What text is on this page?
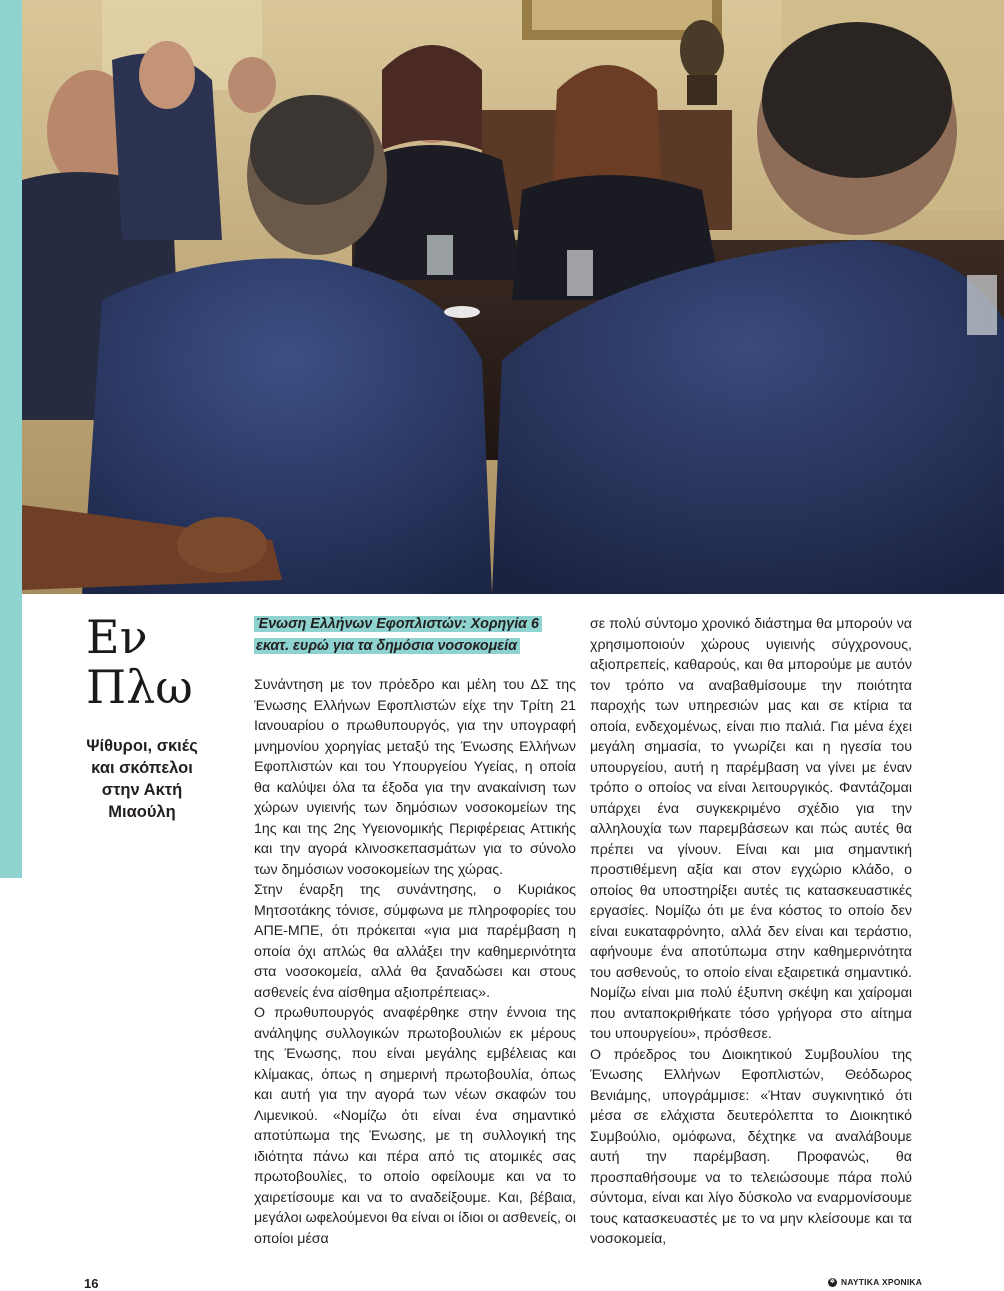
Εν
Πλω
Ψίθυροι, σκιές και σκόπελοι στην Ακτή Μιαούλη
Ένωση Ελλήνων Εφοπλιστών: Χορηγία 6 εκατ. ευρώ για τα δημόσια νοσοκομεία

Συνάντηση με τον πρόεδρο και μέλη του ΔΣ της Ένωσης Ελλήνων Εφοπλιστών είχε την Τρίτη 21 Ιανουαρίου ο πρωθυπουργός, για την υπογραφή μνημονίου χορηγίας μεταξύ της Ένωσης Ελλήνων Εφοπλιστών και του Υπουργείου Υγείας, η οποία θα καλύψει όλα τα έξοδα για την ανακαίνιση των χώρων υγιεινής των δημόσιων νοσοκομείων της 1ης και της 2ης Υγειονομικής Περιφέρειας Αττικής και την αγορά κλινοσκεπασμάτων για το σύνολο των δημόσιων νοσοκομείων της χώρας.

Στην έναρξη της συνάντησης, ο Κυριάκος Μητσοτάκης τόνισε, σύμφωνα με πληροφορίες του ΑΠΕ-ΜΠΕ, ότι πρόκειται «για μια παρέμβαση η οποία όχι απλώς θα αλλάξει την καθημερινότητα στα νοσοκομεία, αλλά θα ξαναδώσει και στους ασθενείς ένα αίσθημα αξιοπρέπειας».

Ο πρωθυπουργός αναφέρθηκε στην έννοια της ανάληψης συλλογικών πρωτοβουλιών εκ μέρους της Ένωσης, που είναι μεγάλης εμβέλειας και κλίμακας, όπως η σημερινή πρωτοβουλία, όπως και αυτή για την αγορά των νέων σκαφών του Λιμενικού. «Νομίζω ότι είναι ένα σημαντικό αποτύπωμα της Ένωσης, με τη συλλογική της ιδιότητα πάνω και πέρα από τις ατομικές σας πρωτοβουλίες, το οποίο οφείλουμε και να το χαιρετίσουμε και να το αναδείξουμε. Και, βέβαια, μεγάλοι ωφελούμενοι θα είναι οι ίδιοι οι ασθενείς, οι οποίοι μέσα

σε πολύ σύντομο χρονικό διάστημα θα μπορούν να χρησιμοποιούν χώρους υγιεινής σύγχρονους, αξιοπρεπείς, καθαρούς, και θα μπορούμε με αυτόν τον τρόπο να αναβαθμίσουμε την ποιότητα παροχής των υπηρεσιών μας και σε κτίρια τα οποία, ενδεχομένως, είναι πιο παλιά. Για μένα έχει μεγάλη σημασία, το γνωρίζει και η ηγεσία του υπουργείου, αυτή η παρέμβαση να γίνει με έναν τρόπο ο οποίος να είναι λειτουργικός. Φαντάζομαι υπάρχει ένα συγκεκριμένο σχέδιο για την αλληλουχία των παρεμβάσεων και πώς αυτές θα πρέπει να γίνουν. Είναι και μια σημαντική προστιθέμενη αξία και στον εγχώριο κλάδο, ο οποίος θα υποστηρίξει αυτές τις κατασκευαστικές εργασίες. Νομίζω ότι με ένα κόστος το οποίο δεν είναι ευκαταφρόνητο, αλλά δεν είναι και τεράστιο, αφήνουμε ένα αποτύπωμα στην καθημερινότητα του ασθενούς, το οποίο είναι εξαιρετικά σημαντικό. Νομίζω είναι μια πολύ έξυπνη σκέψη και χαίρομαι που ανταποκριθήκατε τόσο γρήγορα στο αίτημα του υπουργείου», πρόσθεσε.

Ο πρόεδρος του Διοικητικού Συμβουλίου της Ένωσης Ελλήνων Εφοπλιστών, Θεόδωρος Βενιάμης, υπογράμμισε: «Ήταν συγκινητικό ότι μέσα σε ελάχιστα δευτερόλεπτα το Διοικητικό Συμβούλιο, ομόφωνα, δέχτηκε να αναλάβουμε αυτή την παρέμβαση. Προφανώς, θα προσπαθήσουμε να το τελειώσουμε πάρα πολύ σύντομα, είναι και λίγο δύσκολο να εναρμονίσουμε τους κατασκευαστές με το να μην κλείσουμε και τα νοσοκομεία,

16	✲ ΝΑΥΤΙΚΑ ΧΡΟΝΙΚΑ
